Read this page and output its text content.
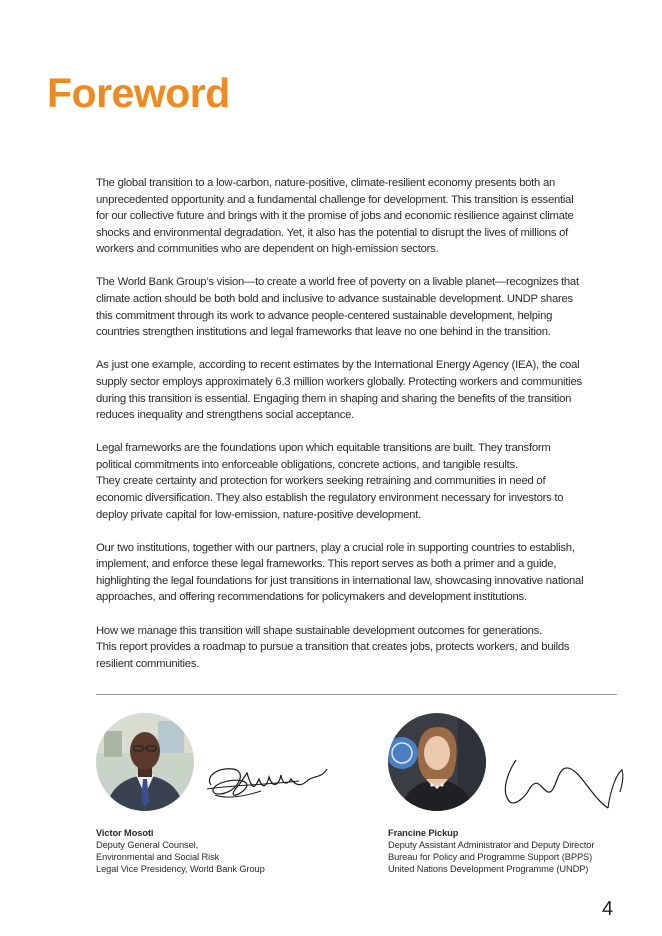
Foreword

The global transition to a low-carbon, nature-positive, climate-resilient economy presents both an
unprecedented opportunity and a fundamental challenge for development. This transition is essential
for our collective future and brings with it the promise of jobs and economic resilience against climate
shocks and environmental degradation. Yet, it also has the potential to disrupt the lives of millions of
workers and communities who are dependent on high-emission sectors.

The World Bank Group’s vision—to create a world free of poverty on a livable planet—recognizes that
climate action should be both bold and inclusive to advance sustainable development. UNDP shares
this commitment through its work to advance people-centered sustainable development, helping
countries strengthen institutions and legal frameworks that leave no one behind in the transition.

As just one example, according to recent estimates by the International Energy Agency (IEA), the coal
supply sector employs approximately 6.3 million workers globally. Protecting workers and communities
during this transition is essential. Engaging them in shaping and sharing the benefits of the transition
reduces inequality and strengthens social acceptance.

Legal frameworks are the foundations upon which equitable transitions are built. They transform
political commitments into enforceable obligations, concrete actions, and tangible results.
They create certainty and protection for workers seeking retraining and communities in need of
economic diversification. They also establish the regulatory environment necessary for investors to
deploy private capital for low-emission, nature-positive development.

Our two institutions, together with our partners, play a crucial role in supporting countries to establish,
implement, and enforce these legal frameworks. This report serves as both a primer and a guide,
highlighting the legal foundations for just transitions in international law, showcasing innovative national
approaches, and offering recommendations for policymakers and development institutions.

How we manage this transition will shape sustainable development outcomes for generations.
This report provides a roadmap to pursue a transition that creates jobs, protects workers, and builds
resilient communities.

Victor Mosoti
Deputy General Counsel,
Environmental and Social Risk
Legal Vice Presidency, World Bank Group
Francine Pickup
Deputy Assistant Administrator and Deputy Director
Bureau for Policy and Programme Support (BPPS)
United Nations Development Programme (UNDP)
4
